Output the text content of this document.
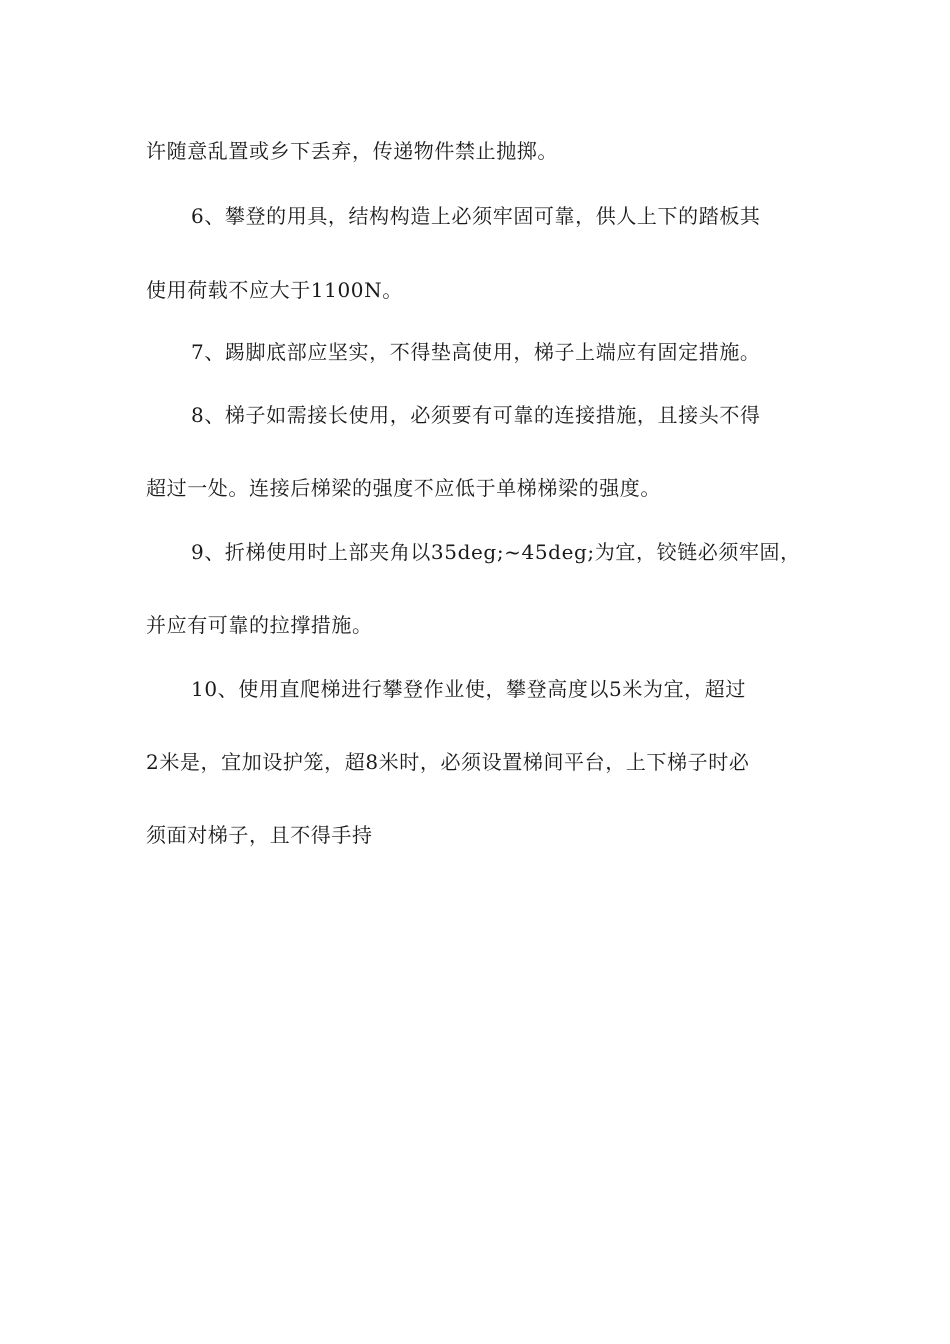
许随意乱置或乡下丢弃，传递物件禁止抛掷。
6、攀登的用具，结构构造上必须牢固可靠，供人上下的踏板其
使用荷载不应大于1100N。
7、踢脚底部应坚实，不得垫高使用，梯子上端应有固定措施。
8、梯子如需接长使用，必须要有可靠的连接措施，且接头不得
超过一处。连接后梯梁的强度不应低于单梯梯梁的强度。
9、折梯使用时上部夹角以35deg;~45deg;为宜，铰链必须牢固，
并应有可靠的拉撑措施。
10、使用直爬梯进行攀登作业使，攀登高度以5米为宜，超过
2米是，宜加设护笼，超8米时，必须设置梯间平台，上下梯子时必
须面对梯子，且不得手持
